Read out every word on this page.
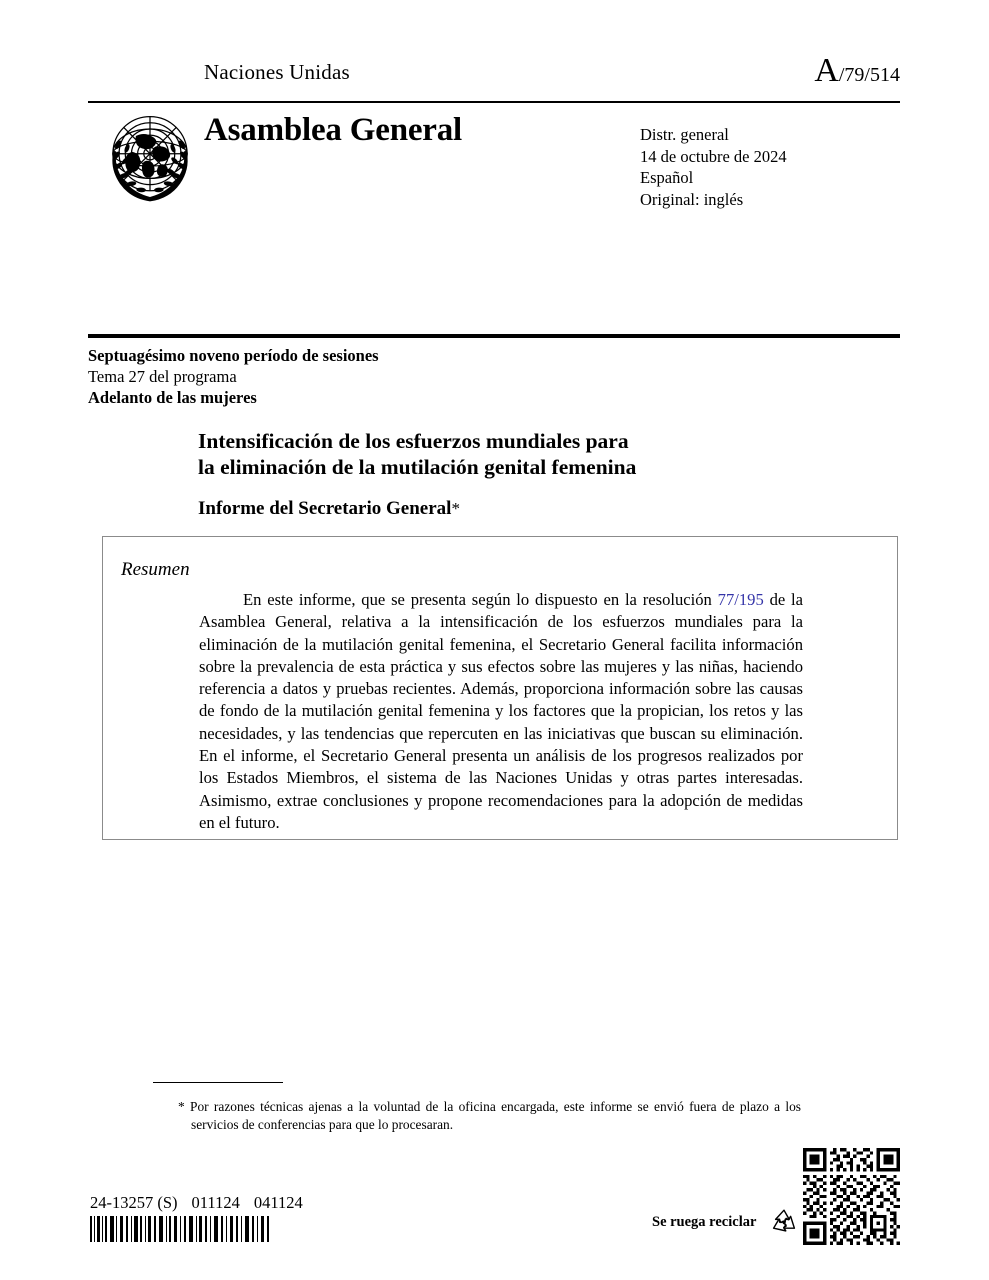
Naciones Unidas	A/79/514
Asamblea General	Distr. general
14 de octubre de 2024
Español
Original: inglés
Septuagésimo noveno período de sesiones
Tema 27 del programa
Adelanto de las mujeres
Intensificación de los esfuerzos mundiales para
la eliminación de la mutilación genital femenina
Informe del Secretario General*
Resumen
En este informe, que se presenta según lo dispuesto en la resolución 77/195 de la Asamblea General, relativa a la intensificación de los esfuerzos mundiales para la eliminación de la mutilación genital femenina, el Secretario General facilita información sobre la prevalencia de esta práctica y sus efectos sobre las mujeres y las niñas, haciendo referencia a datos y pruebas recientes. Además, proporciona información sobre las causas de fondo de la mutilación genital femenina y los factores que la propician, los retos y las necesidades, y las tendencias que repercuten en las iniciativas que buscan su eliminación. En el informe, el Secretario General presenta un análisis de los progresos realizados por los Estados Miembros, el sistema de las Naciones Unidas y otras partes interesadas. Asimismo, extrae conclusiones y propone recomendaciones para la adopción de medidas en el futuro.
* Por razones técnicas ajenas a la voluntad de la oficina encargada, este informe se envió fuera de plazo a los servicios de conferencias para que lo procesaran.
24-13257 (S) 011124 041124
Se ruega reciclar
